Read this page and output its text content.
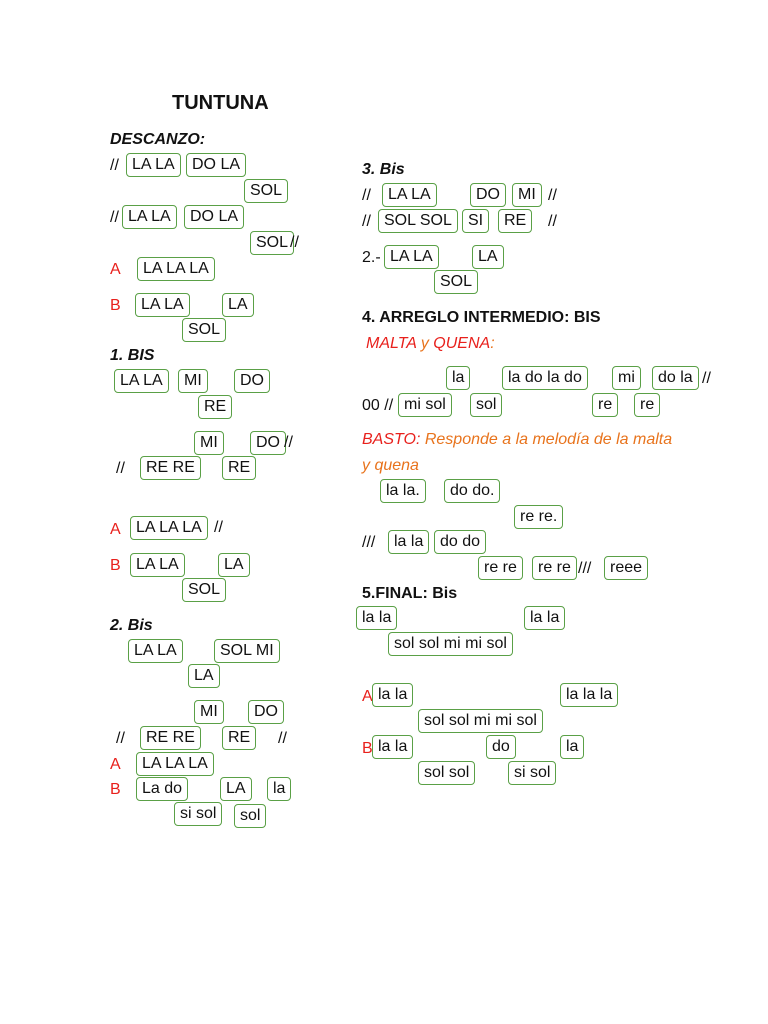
TUNTUNA
DESCANZO:
// LA LA	DO LA
SOL
// LA LA	DO LA
SOL //
A	LA LA LA
B	LA LA	LA
SOL
1. BIS
LA LA	MI	DO
RE
MI	DO //
//	RE RE	RE
A LA LA LA //
B LA LA	LA
SOL
2. Bis
LA LA	SOL MI
LA
MI	DO
//	RE RE	RE	//
A	LA LA LA
B	La do	LA	la
si sol	sol
3. Bis
//	LA LA	DO	MI //
// SOL SOL	SI	RE	//
2.- LA LA	LA
SOL
4. ARREGLO INTERMEDIO: BIS
MALTA y QUENA:
la	la do la do	mi	do la //
00 // mi sol	sol	re	re
BASTO: Responde a la melodía de la malta
y quena
la la.	do do.
re re.
///	la la	do do
re re	re re ///	reee
5.FINAL: Bis
la la	la la
sol sol mi mi sol
A la la	la la la
sol sol mi mi sol
B la la	do	la
sol sol	si sol
